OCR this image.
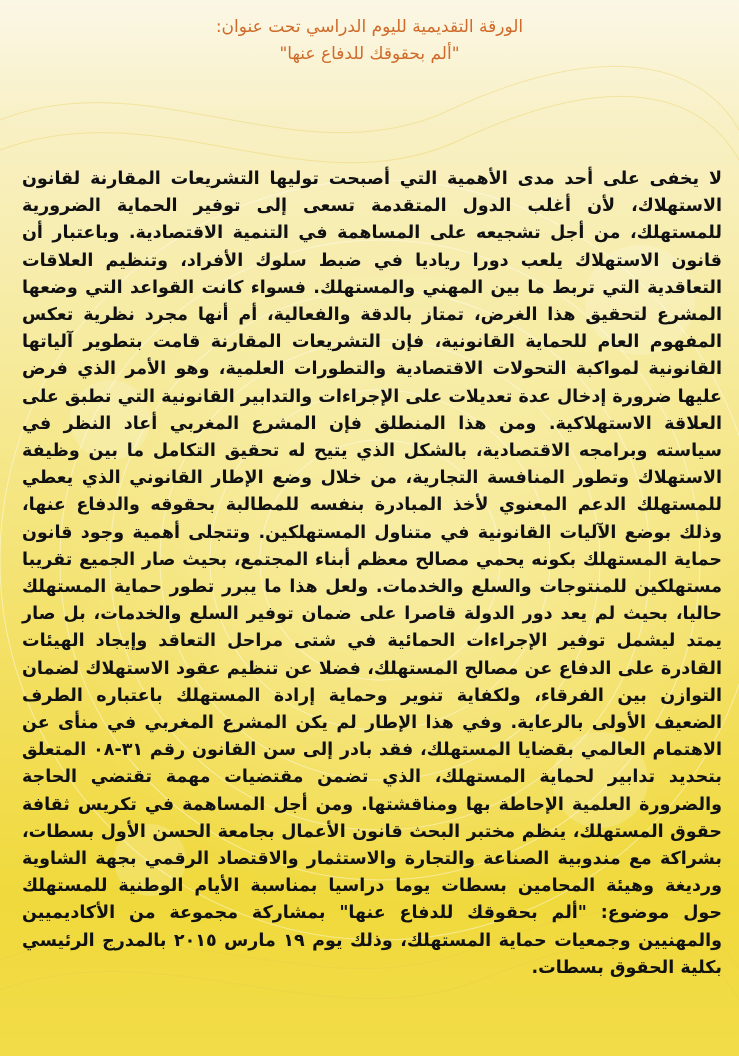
الورقة التقديمية لليوم الدراسي تحت عنوان:
"ألم بحقوقك للدفاع عنها"
لا يخفى على أحد مدى الأهمية التي أصبحت توليها التشريعات المقارنة لقانون الاستهلاك، لأن أغلب الدول المتقدمة تسعى إلى توفير الحماية الضرورية للمستهلك، من أجل تشجيعه على المساهمة في التنمية الاقتصادية. وباعتبار أن قانون الاستهلاك يلعب دورا رياديا في ضبط سلوك الأفراد، وتنظيم العلاقات التعاقدية التي تربط ما بين المهني والمستهلك. فسواء كانت القواعد التي وضعها المشرع لتحقيق هذا الغرض، تمتاز بالدقة والفعالية، أم أنها مجرد نظرية تعكس المفهوم العام للحماية القانونية، فإن التشريعات المقارنة قامت بتطوير آلياتها القانونية لمواكبة التحولات الاقتصادية والتطورات العلمية، وهو الأمر الذي فرض عليها ضرورة إدخال عدة تعديلات على الإجراءات والتدابير القانونية التي تطبق على العلاقة الاستهلاكية. ومن هذا المنطلق فإن المشرع المغربي أعاد النظر في سياسته وبرامجه الاقتصادية، بالشكل الذي يتيح له تحقيق التكامل ما بين وظيفة الاستهلاك وتطور المنافسة التجارية، من خلال وضع الإطار القانوني الذي يعطي للمستهلك الدعم المعنوي لأخذ المبادرة بنفسه للمطالبة بحقوقه والدفاع عنها، وذلك بوضع الآليات القانونية في متناول المستهلكين. وتتجلى أهمية وجود قانون حماية المستهلك بكونه يحمي مصالح معظم أبناء المجتمع، بحيث صار الجميع تقريبا مستهلكين للمنتوجات والسلع والخدمات. ولعل هذا ما يبرر تطور حماية المستهلك حاليا، بحيث لم يعد دور الدولة قاصرا على ضمان توفير السلع والخدمات، بل صار يمتد ليشمل توفير الإجراءات الحمائية في شتى مراحل التعاقد وإيجاد الهيئات القادرة على الدفاع عن مصالح المستهلك، فضلا عن تنظيم عقود الاستهلاك لضمان التوازن بين الفرقاء، ولكفاية تنوير وحماية إرادة المستهلك باعتباره الطرف الضعيف الأولى بالرعاية. وفي هذا الإطار لم يكن المشرع المغربي في منأى عن الاهتمام العالمي بقضايا المستهلك، فقد بادر إلى سن القانون رقم ٣١-٠٨ المتعلق بتحديد تدابير لحماية المستهلك، الذي تضمن مقتضيات مهمة تقتضي الحاجة والضرورة العلمية الإحاطة بها ومناقشتها. ومن أجل المساهمة في تكريس ثقافة حقوق المستهلك، ينظم مختبر البحث قانون الأعمال بجامعة الحسن الأول بسطات، بشراكة مع مندوبية الصناعة والتجارة والاستثمار والاقتصاد الرقمي بجهة الشاوية ورديغة وهيئة المحامين بسطات يوما دراسيا بمناسبة الأيام الوطنية للمستهلك حول موضوع: "ألم بحقوقك للدفاع عنها" بمشاركة مجموعة من الأكاديميين والمهنيين وجمعيات حماية المستهلك، وذلك يوم ١٩ مارس ٢٠١٥ بالمدرج الرئيسي بكلية الحقوق بسطات.
